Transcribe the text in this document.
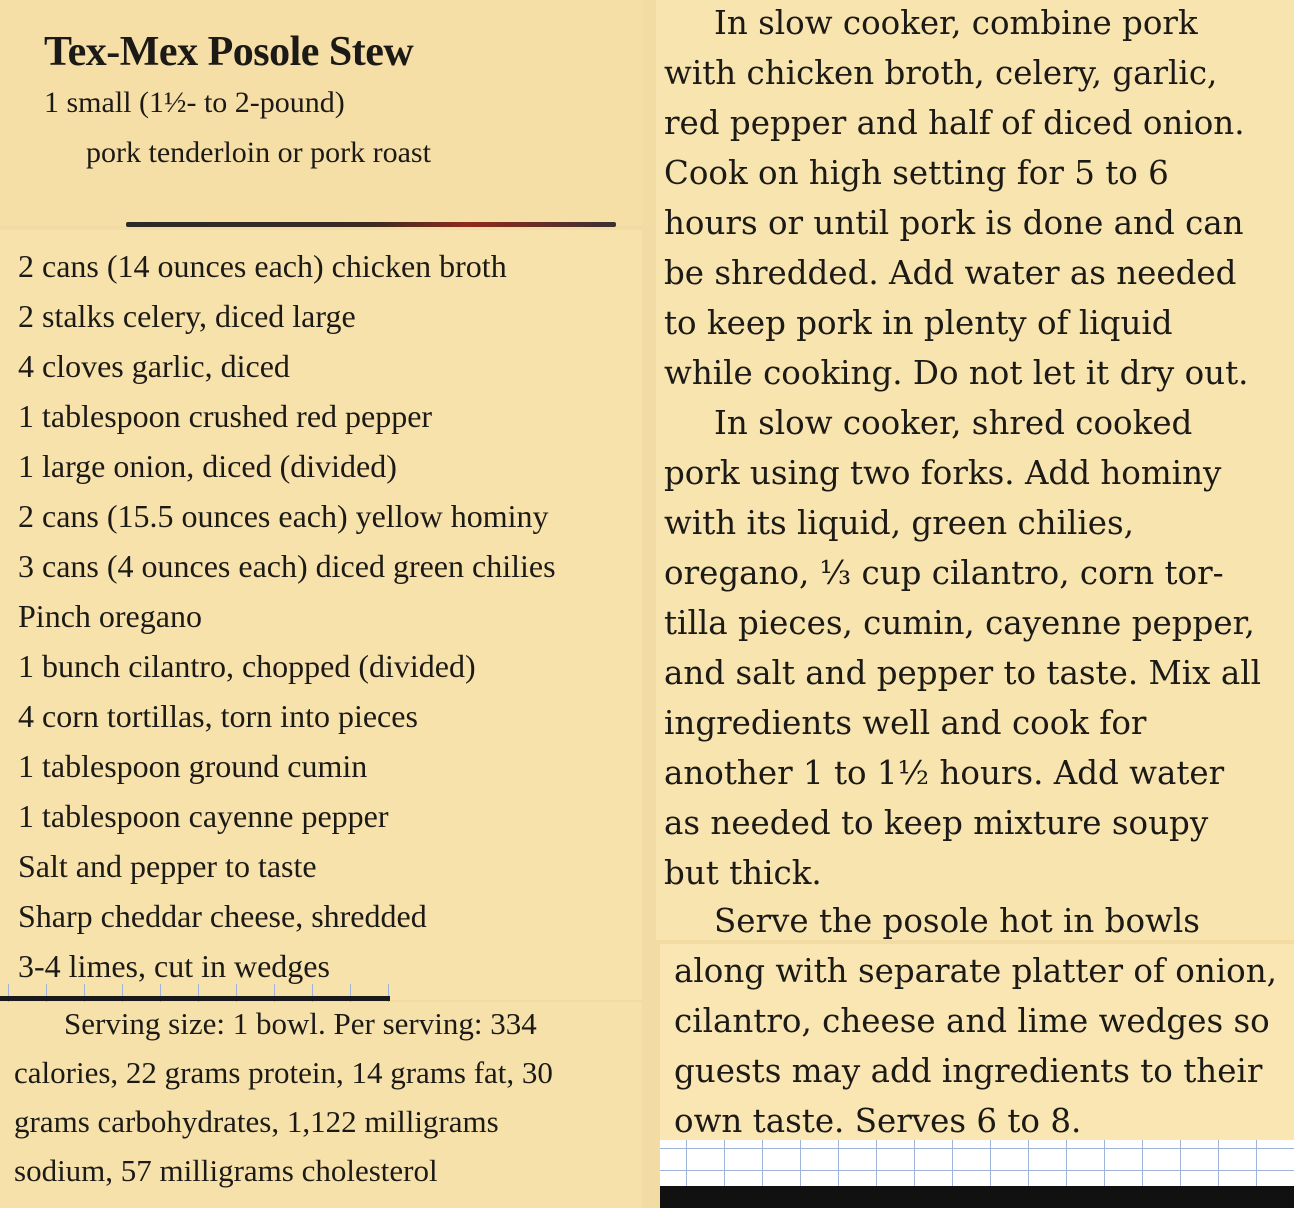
Tex-Mex Posole Stew
1 small (1½- to 2-pound)
pork tenderloin or pork roast
2 cans (14 ounces each) chicken broth
2 stalks celery, diced large
4 cloves garlic, diced
1 tablespoon crushed red pepper
1 large onion, diced (divided)
2 cans (15.5 ounces each) yellow hominy
3 cans (4 ounces each) diced green chilies
Pinch oregano
1 bunch cilantro, chopped (divided)
4 corn tortillas, torn into pieces
1 tablespoon ground cumin
1 tablespoon cayenne pepper
Salt and pepper to taste
Sharp cheddar cheese, shredded
3-4 limes, cut in wedges
Serving size: 1 bowl. Per serving: 334
calories, 22 grams protein, 14 grams fat, 30
grams carbohydrates, 1,122 milligrams
sodium, 57 milligrams cholesterol
In slow cooker, combine pork
with chicken broth, celery, garlic,
red pepper and half of diced onion.
Cook on high setting for 5 to 6
hours or until pork is done and can
be shredded. Add water as needed
to keep pork in plenty of liquid
while cooking. Do not let it dry out.
In slow cooker, shred cooked
pork using two forks. Add hominy
with its liquid, green chilies,
oregano, ⅓ cup cilantro, corn tor-
tilla pieces, cumin, cayenne pepper,
and salt and pepper to taste. Mix all
ingredients well and cook for
another 1 to 1½ hours. Add water
as needed to keep mixture soupy
but thick.
Serve the posole hot in bowls
along with separate platter of onion,
cilantro, cheese and lime wedges so
guests may add ingredients to their
own taste. Serves 6 to 8.
